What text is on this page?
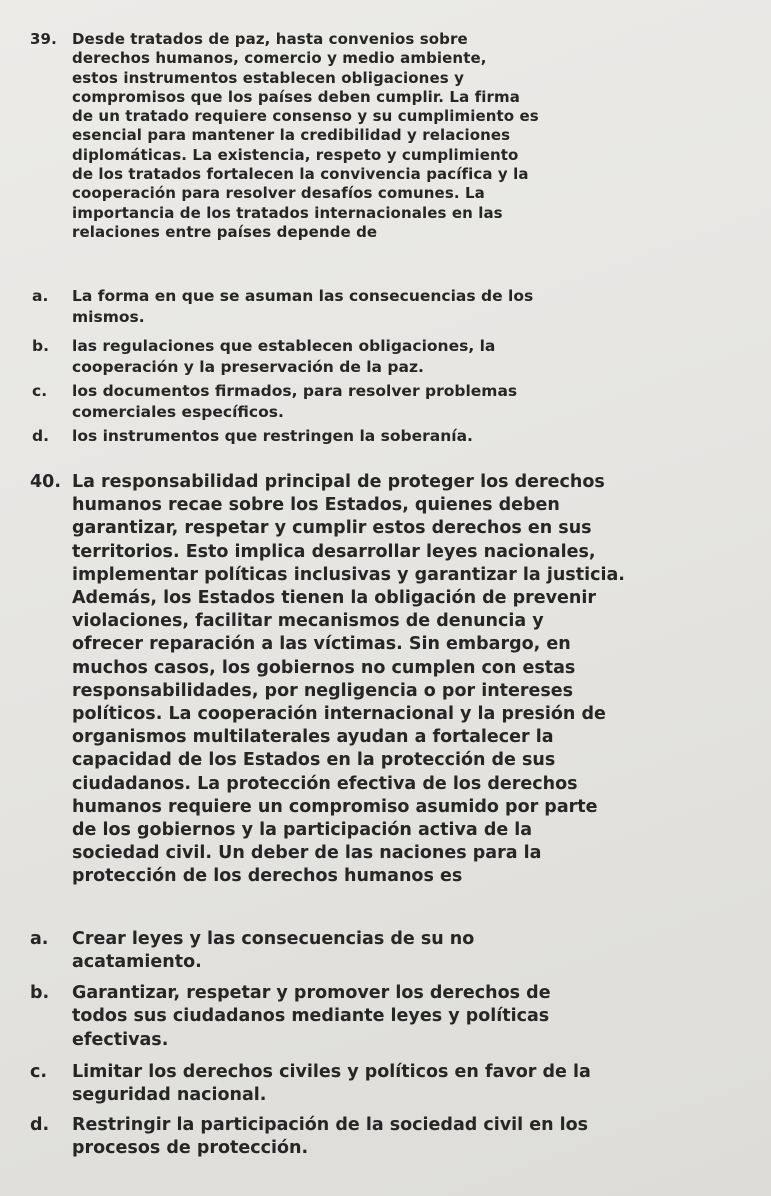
39. Desde tratados de paz, hasta convenios sobre
derechos humanos, comercio y medio ambiente,
estos instrumentos establecen obligaciones y
compromisos que los países deben cumplir. La firma
de un tratado requiere consenso y su cumplimiento es
esencial para mantener la credibilidad y relaciones
diplomáticas. La existencia, respeto y cumplimiento
de los tratados fortalecen la convivencia pacífica y la
cooperación para resolver desafíos comunes. La
importancia de los tratados internacionales en las
relaciones entre países depende de
a. La forma en que se asuman las consecuencias de los
mismos.
b. las regulaciones que establecen obligaciones, la
cooperación y la preservación de la paz.
c. los documentos firmados, para resolver problemas
comerciales específicos.
d. los instrumentos que restringen la soberanía.
40. La responsabilidad principal de proteger los derechos
humanos recae sobre los Estados, quienes deben
garantizar, respetar y cumplir estos derechos en sus
territorios. Esto implica desarrollar leyes nacionales,
implementar políticas inclusivas y garantizar la justicia.
Además, los Estados tienen la obligación de prevenir
violaciones, facilitar mecanismos de denuncia y
ofrecer reparación a las víctimas. Sin embargo, en
muchos casos, los gobiernos no cumplen con estas
responsabilidades, por negligencia o por intereses
políticos. La cooperación internacional y la presión de
organismos multilaterales ayudan a fortalecer la
capacidad de los Estados en la protección de sus
ciudadanos. La protección efectiva de los derechos
humanos requiere un compromiso asumido por parte
de los gobiernos y la participación activa de la
sociedad civil. Un deber de las naciones para la
protección de los derechos humanos es
a. Crear leyes y las consecuencias de su no
acatamiento.
b. Garantizar, respetar y promover los derechos de
todos sus ciudadanos mediante leyes y políticas
efectivas.
c. Limitar los derechos civiles y políticos en favor de la
seguridad nacional.
d. Restringir la participación de la sociedad civil en los
procesos de protección.
